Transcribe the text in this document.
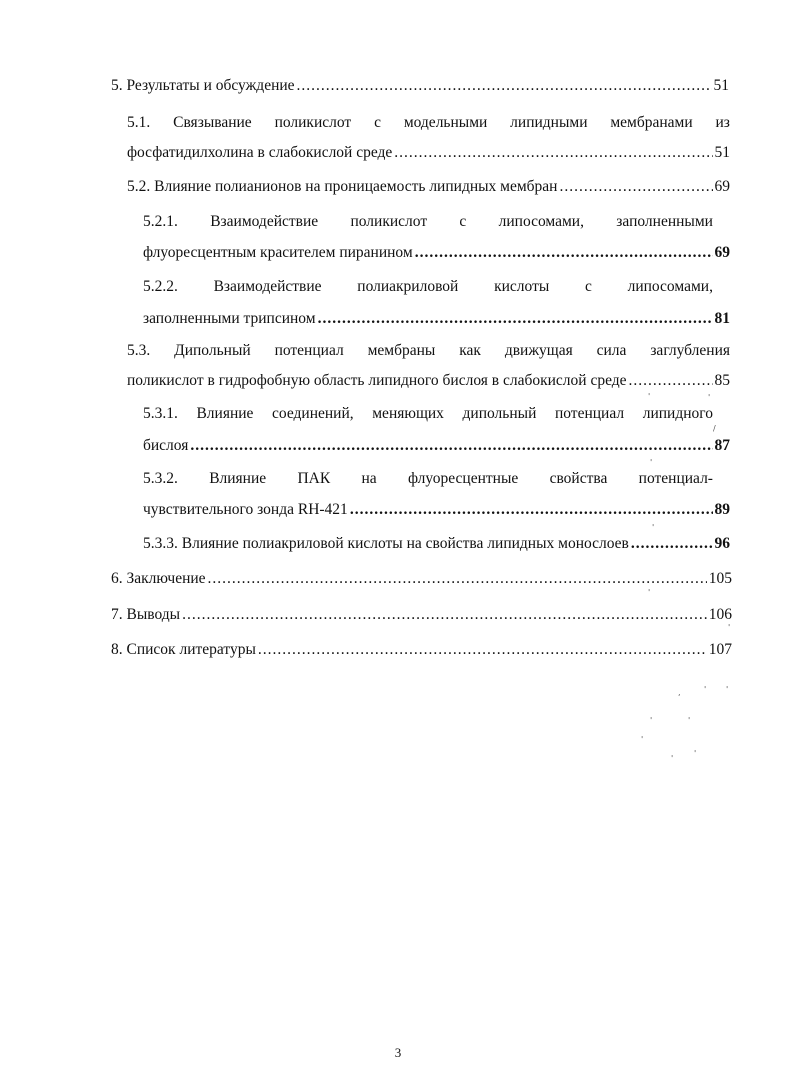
5. Результаты и обсуждение .....	51
5.1. Связывание поликислот с модельными липидными мембранами из
фосфатидилхолина в слабокислой среде .....	51
5.2. Влияние полианионов на проницаемость липидных мембран .....	69
5.2.1. Взаимодействие поликислот с липосомами, заполненными
флуоресцентным красителем пиранином .....	69
5.2.2. Взаимодействие полиакриловой кислоты с липосомами,
заполненными трипсином .....	81
5.3. Дипольный потенциал мембраны как движущая сила заглубления
поликислот в гидрофобную область липидного бислоя в слабокислой среде .....	85
5.3.1. Влияние соединений, меняющих дипольный потенциал липидного
бислоя .....	87
5.3.2. Влияние ПАК на флуоресцентные свойства потенциал-
чувствительного зонда RH-421 .....	89
5.3.3. Влияние полиакриловой кислоты на свойства липидных монослоев .....	96
6. Заключение .....	105
7. Выводы .....	106
8. Список литературы .....	107
'	'
/
'
'
'
'
,	' '
'	'
'
'
'
3
